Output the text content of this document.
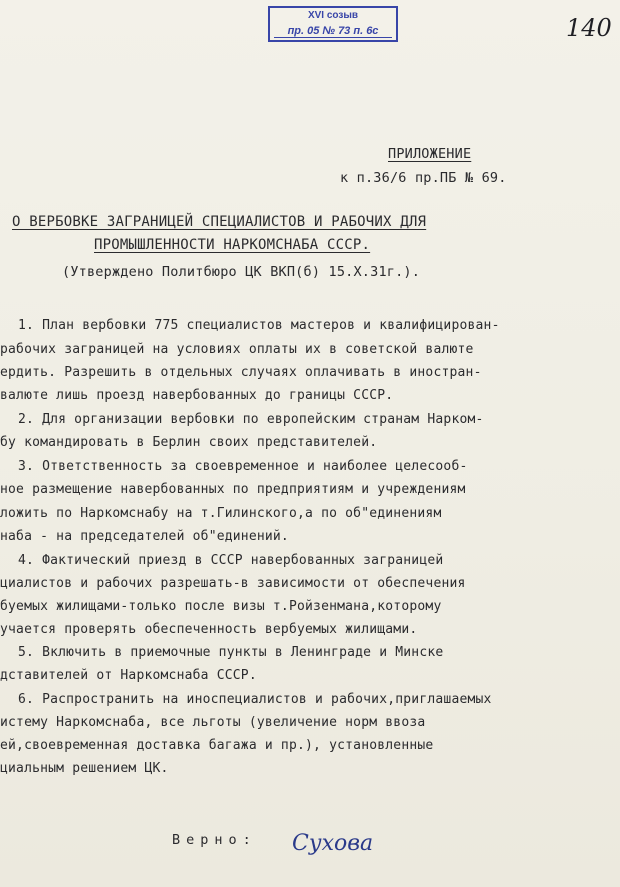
XVI созыв
пр. 05 № 73 п. 6с	140
ПРИЛОЖЕНИЕ
к п.36/6 пр.ПБ № 69.
О ВЕРБОВКЕ ЗАГРАНИЦЕЙ СПЕЦИАЛИСТОВ И РАБОЧИХ ДЛЯ
ПРОМЫШЛЕННОСТИ НАРКОМСНАБА СССР.
(Утверждено Политбюро ЦК ВКП(б) 15.Х.31г.).
1. План вербовки 775 специалистов мастеров и квалифицирован-
рабочих заграницей на условиях оплаты их в советской валюте
ердить. Разрешить в отдельных случаях оплачивать в иностран-
валюте лишь проезд навербованных до границы СССР.
2. Для организации вербовки по европейским странам Нарком-
бу командировать в Берлин своих представителей.
3. Ответственность за своевременное и наиболее целесооб-
ное размещение навербованных по предприятиям и учреждениям
ложить по Наркомснабу на т.Гилинского,а по об"единениям
наба - на председателей об"единений.
4. Фактический приезд в СССР навербованных заграницей
циалистов и рабочих разрешать-в зависимости от обеспечения
буемых жилищами-только после визы т.Ройзенмана,которому
учается проверять обеспеченность вербуемых жилищами.
5. Включить в приемочные пункты в Ленинграде и Минске
дставителей от Наркомснаба СССР.
6. Распространить на иноспециалистов и рабочих,приглашаемых
истему Наркомснаба, все льготы (увеличение норм ввоза
ей,своевременная доставка багажа и пр.), установленные
циальным решением ЦК.
Верно: Сухова
